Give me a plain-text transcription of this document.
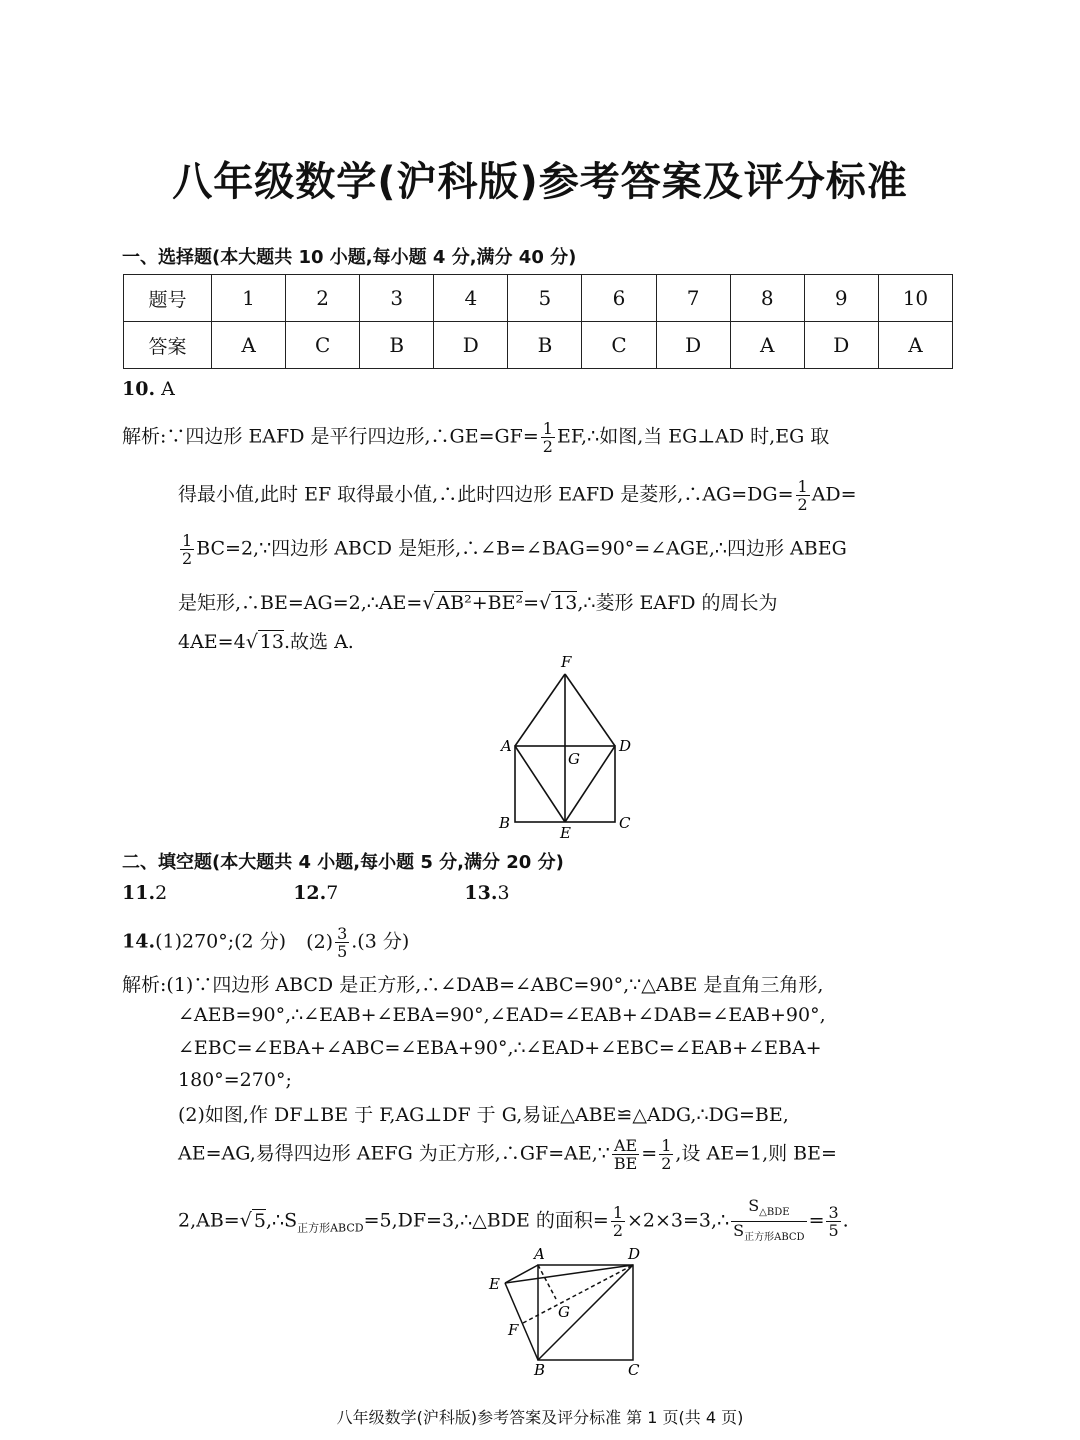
八年级数学(沪科版)参考答案及评分标准
一、选择题(本大题共 10 小题,每小题 4 分,满分 40 分)
题号	1	2	3	4	5	6	7	8	9	10
答案	A	C	B	D	B	C	D	A	D	A
10. A
解析:∵四边形 EAFD 是平行四边形,∴GE=GF= $\frac{1}{2}$ EF,∴如图,当 EG⊥AD 时,EG 取
得最小值,此时 EF 取得最小值,∴此时四边形 EAFD 是菱形,∴AG=DG= $\frac{1}{2} AD=$
$\frac{1}{2}$ BC=2,∵四边形 ABCD 是矩形,∴∠B=∠BAG=90°=∠AGE,∴四边形 ABEG
是矩形,∴BE=AG=2,∴AE=√ AB²+BE²=√ 13,∴菱形 EAFD 的周长为
4AE=4√ 13.故选 A.
F
A
G
D
B
E
C
二、填空题(本大题共 4 小题,每小题 5 分,满分 20 分)
11.2	12.7	13.3
14.(1)270°;(2 分) $(2) \frac{3}{5} .(3$ 分)
解析:(1)∵四边形 ABCD 是正方形,∴∠DAB=∠ABC=90°,∵△ABE 是直角三角形,
∠AEB=90°,∴∠EAB+∠EBA=90°,∠EAD=∠EAB+∠DAB=∠EAB+90°,
∠EBC=∠EBA+∠ABC=∠EBA+90°,∴∠EAD+∠EBC=∠EAB+∠EBA+
180°=270°;
(2)如图,作 DF⊥BE 于 F,AG⊥DF 于 G,易证△ABE≌△ADG,∴DG=BE,
AE=AG,易得四边形 AEFG 为正方形,∴GF=AE,∵ $\frac{AE}{BE} = \frac{1}{2}$ ,设 AE=1,则 BE=
2,AB=√ $5,\therefore S_{正方形ABCD}=5,DF=3,\therefore\triangle BDE$ 的面积= $\frac{1}{2}$ ×2×3=3,∴ $\frac{S_{\triangle BDE}}{S_{正方形ABCD}} = \frac{3}{5}$ .
A	D
E
G
F
B	C
八年级数学(沪科版)参考答案及评分标准 第 1 页(共 4 页)
